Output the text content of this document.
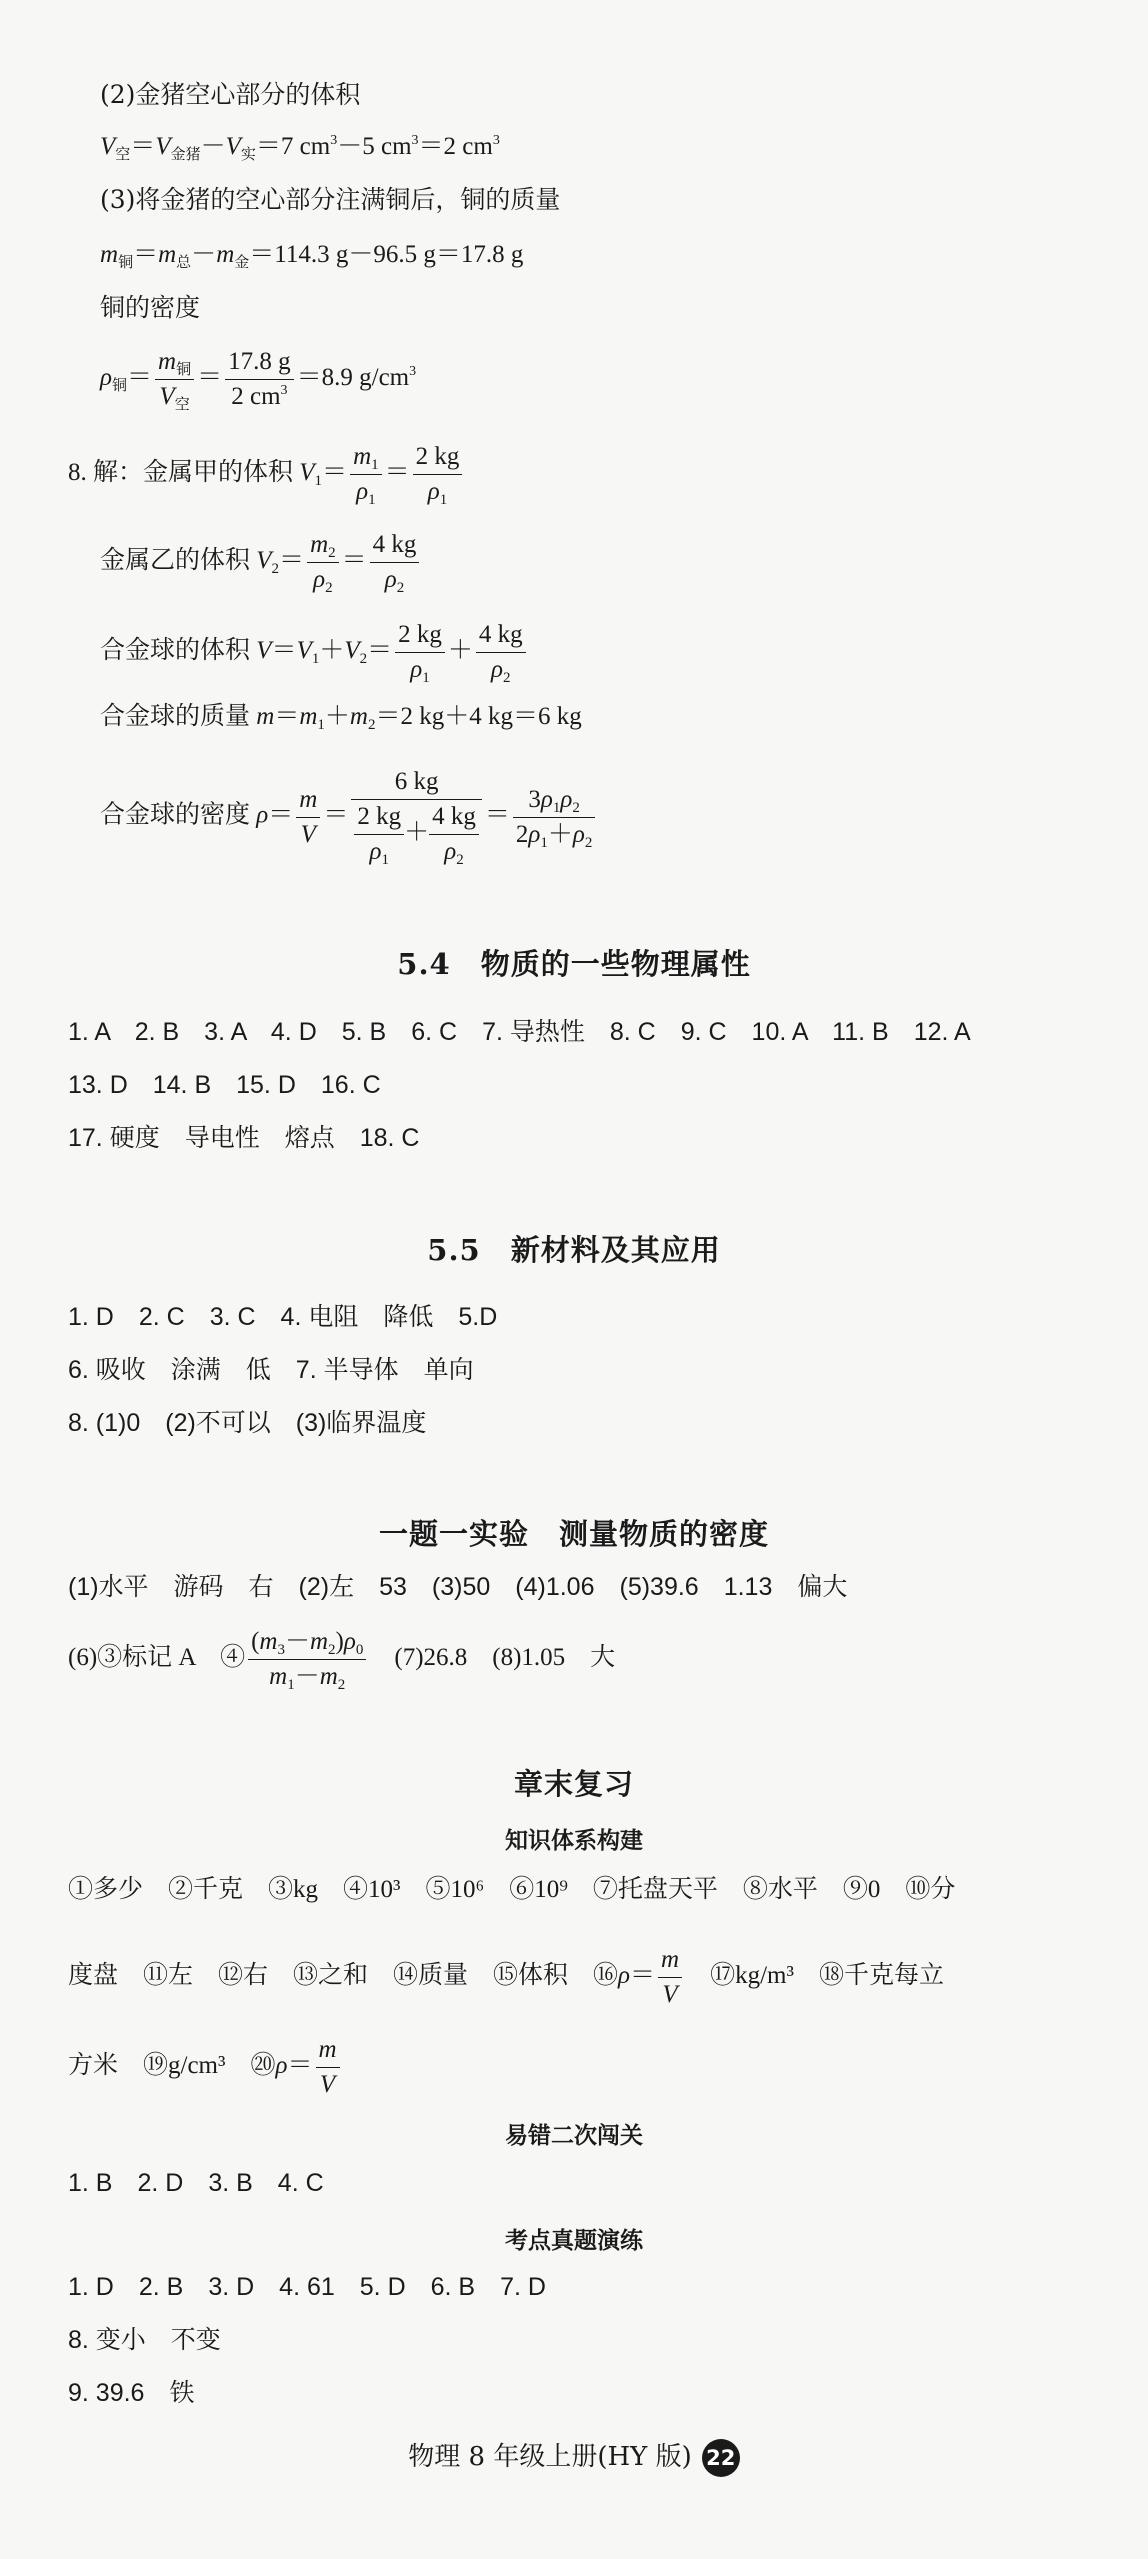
(2)金猪空心部分的体积
$V_空=V_{金猪}-V_实=7$ $cm^3-5$ $cm^3=2$ $cm^3$
(3)将金猪的空心部分注满铜后，铜的质量
$m_铜=m_总-m_金=114.3$ g－96.5 g＝17.8 g
铜的密度
$\rho_铜= \frac{m_铜}{V_空} = \frac{17.8 g}{2 cm^3} =8.9$ $g/cm^3$
8. 解：金属甲的体积 $V_1= \frac{m_1}{\rho_1} = \frac{2 kg}{\rho_1}$
金属乙的体积 $V_2= \frac{m_2}{\rho_2} = \frac{4 kg}{\rho_2}$
合金球的体积 $V=V_1+V_2= \frac{2 kg}{\rho_1} + \frac{4 kg}{\rho_2}$
合金球的质量 $m=m_1+m_2=2$ kg＋4 kg＝6 kg
合金球的密度 $\rho= \frac{m}{V} = \frac{6 kg}{\frac{2 kg}{\rho_1} + \frac{4 kg}{\rho_2}} = \frac{3\rho_1\rho_2}{2\rho_1+\rho_2}$
5.4　物质的一些物理属性
1. A　2. B　3. A　4. D　5. B　6. C　7. 导热性　8. C　9. C　10. A　11. B　12. A
13. D　14. B　15. D　16. C
17. 硬度　导电性　熔点　18. C
5.5　新材料及其应用
1. D　2. C　3. C　4. 电阻　降低　5.D
6. 吸收　涂满　低　7. 半导体　单向
8. (1)0　(2)不可以　(3)临界温度
一题一实验　测量物质的密度
(1)水平　游码　右　(2)左　53　(3)50　(4)1.06　(5)39.6　1.13　偏大
(6)③标记 A　④ $\frac{(m_3-m_2)\rho_0}{m_1-m_2}$ 　(7)26.8　(8)1.05　大
章末复习
知识体系构建
①多少　②千克　③kg　④10³　⑤10⁶　⑥10⁹　⑦托盘天平　⑧水平　⑨0　⑩分
度盘　⑪左　⑫右　⑬之和　⑭质量　⑮体积　⑯ρ＝ $\frac{m}{V}$
　 ⑰kg/m³　⑱千克每立
方米　⑲g/cm³　⑳ρ＝ $\frac{m}{V}$
易错二次闯关
1. B　2. D　3. B　4. C
考点真题演练
1. D　2. B　3. D　4. 61　5. D　6. B　7. D
8. 变小　不变
9. 39.6　铁
物理 8 年级上册(HY 版) 22
